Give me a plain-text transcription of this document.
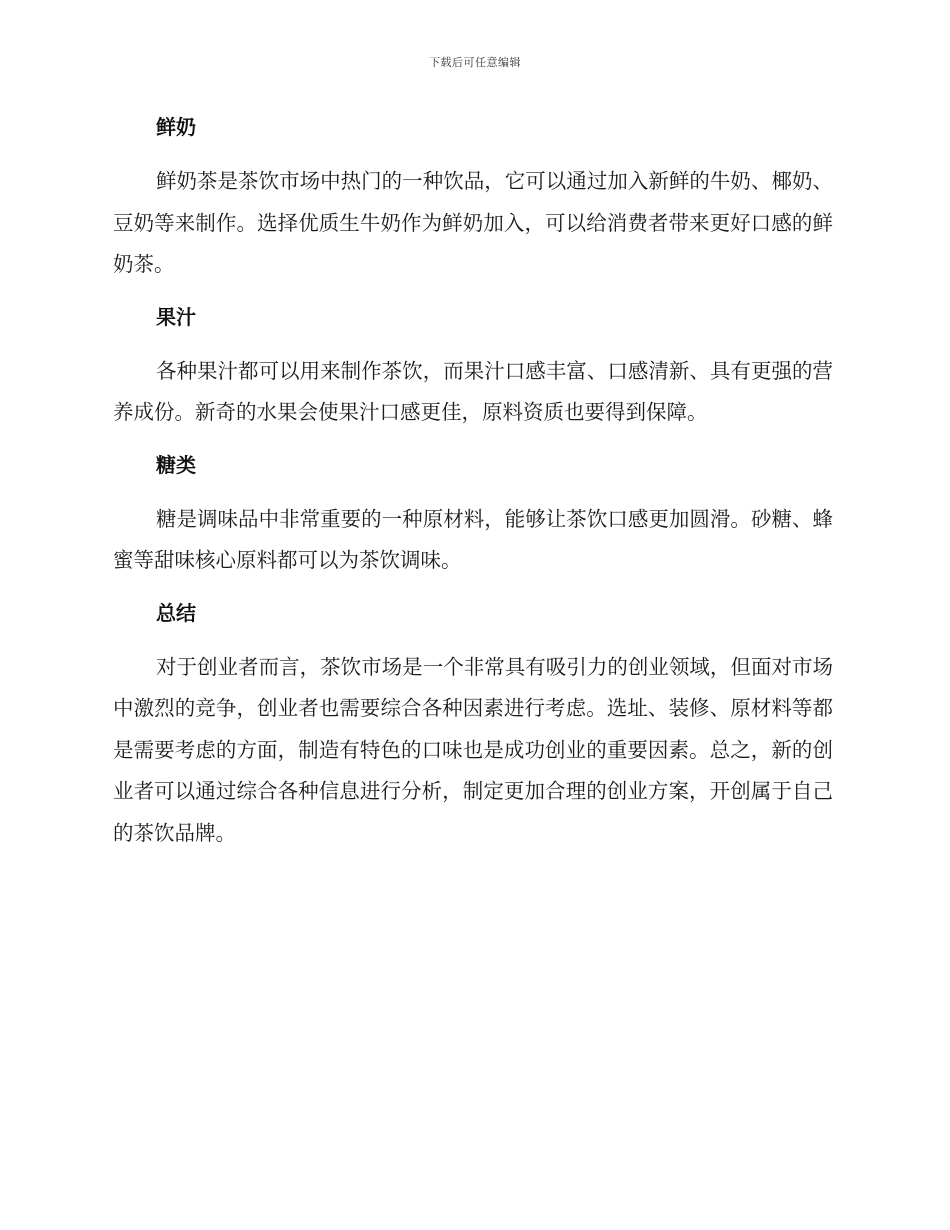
下载后可任意编辑
鲜奶

鲜奶茶是茶饮市场中热门的一种饮品，它可以通过加入新鲜的牛奶、椰奶、豆奶等来制作。选择优质生牛奶作为鲜奶加入，可以给消费者带来更好口感的鲜奶茶。

果汁

各种果汁都可以用来制作茶饮，而果汁口感丰富、口感清新、具有更强的营养成份。新奇的水果会使果汁口感更佳，原料资质也要得到保障。

糖类

糖是调味品中非常重要的一种原材料，能够让茶饮口感更加圆滑。砂糖、蜂蜜等甜味核心原料都可以为茶饮调味。

总结

对于创业者而言，茶饮市场是一个非常具有吸引力的创业领域，但面对市场中激烈的竞争，创业者也需要综合各种因素进行考虑。选址、装修、原材料等都是需要考虑的方面，制造有特色的口味也是成功创业的重要因素。总之，新的创业者可以通过综合各种信息进行分析，制定更加合理的创业方案，开创属于自己的茶饮品牌。
